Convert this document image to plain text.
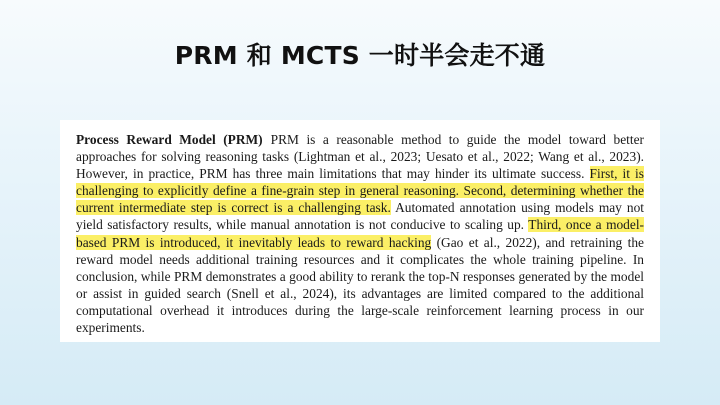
PRM 和 MCTS 一时半会走不通

Process Reward Model (PRM) PRM is a reasonable method to guide the model toward better approaches for solving reasoning tasks (Lightman et al., 2023; Uesato et al., 2022; Wang et al., 2023). However, in practice, PRM has three main limitations that may hinder its ultimate success. First, it is challenging to explicitly define a fine-grain step in general reasoning. Second, determining whether the current intermediate step is correct is a challenging task. Automated annotation using models may not yield satisfactory results, while manual annotation is not conducive to scaling up. Third, once a model-based PRM is introduced, it inevitably leads to reward hacking (Gao et al., 2022), and retraining the reward model needs additional training resources and it complicates the whole training pipeline. In conclusion, while PRM demonstrates a good ability to rerank the top-N responses generated by the model or assist in guided search (Snell et al., 2024), its advantages are limited compared to the additional computational overhead it introduces during the large-scale reinforcement learning process in our experiments.
